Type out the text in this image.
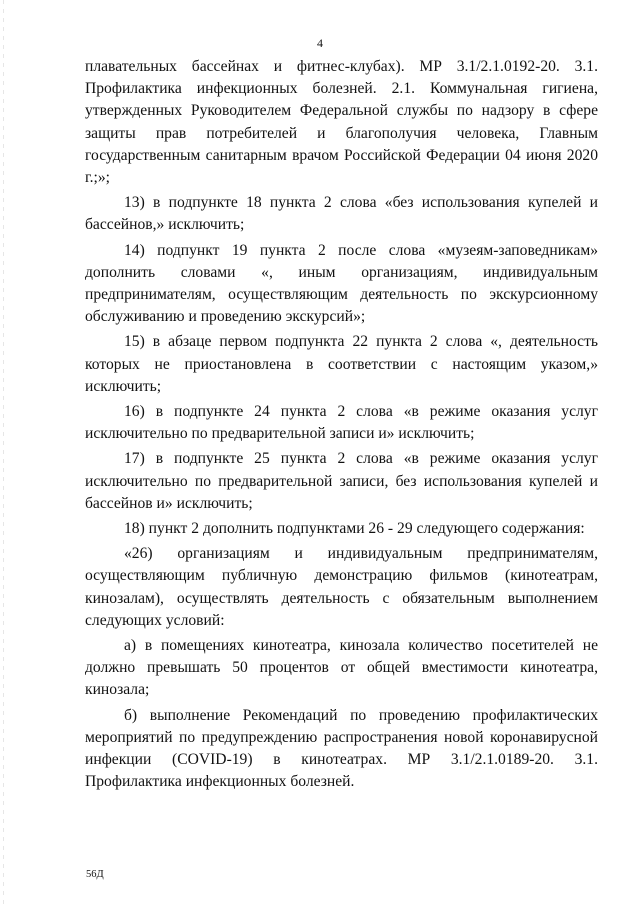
4

плавательных бассейнах и фитнес-клубах). МР 3.1/2.1.0192-20. 3.1. Профилактика инфекционных болезней. 2.1. Коммунальная гигиена, утвержденных Руководителем Федеральной службы по надзору в сфере защиты прав потребителей и благополучия человека, Главным государственным санитарным врачом Российской Федерации 04 июня 2020 г.;»;

13) в подпункте 18 пункта 2 слова «без использования купелей и бассейнов,» исключить;

14) подпункт 19 пункта 2 после слова «музеям-заповедникам» дополнить словами «, иным организациям, индивидуальным предпринимателям, осуществляющим деятельность по экскурсионному обслуживанию и проведению экскурсий»;

15) в абзаце первом подпункта 22 пункта 2 слова «, деятельность которых не приостановлена в соответствии с настоящим указом,» исключить;

16) в подпункте 24 пункта 2 слова «в режиме оказания услуг исключительно по предварительной записи и» исключить;

17) в подпункте 25 пункта 2 слова «в режиме оказания услуг исключительно по предварительной записи, без использования купелей и бассейнов и» исключить;

18) пункт 2 дополнить подпунктами 26 - 29 следующего содержания:

«26) организациям и индивидуальным предпринимателям, осуществляющим публичную демонстрацию фильмов (кинотеатрам, кинозалам), осуществлять деятельность с обязательным выполнением следующих условий:

а) в помещениях кинотеатра, кинозала количество посетителей не должно превышать 50 процентов от общей вместимости кинотеатра, кинозала;

б) выполнение Рекомендаций по проведению профилактических мероприятий по предупреждению распространения новой коронавирусной инфекции (COVID-19) в кинотеатрах. МР 3.1/2.1.0189-20. 3.1. Профилактика инфекционных болезней.

56Д
